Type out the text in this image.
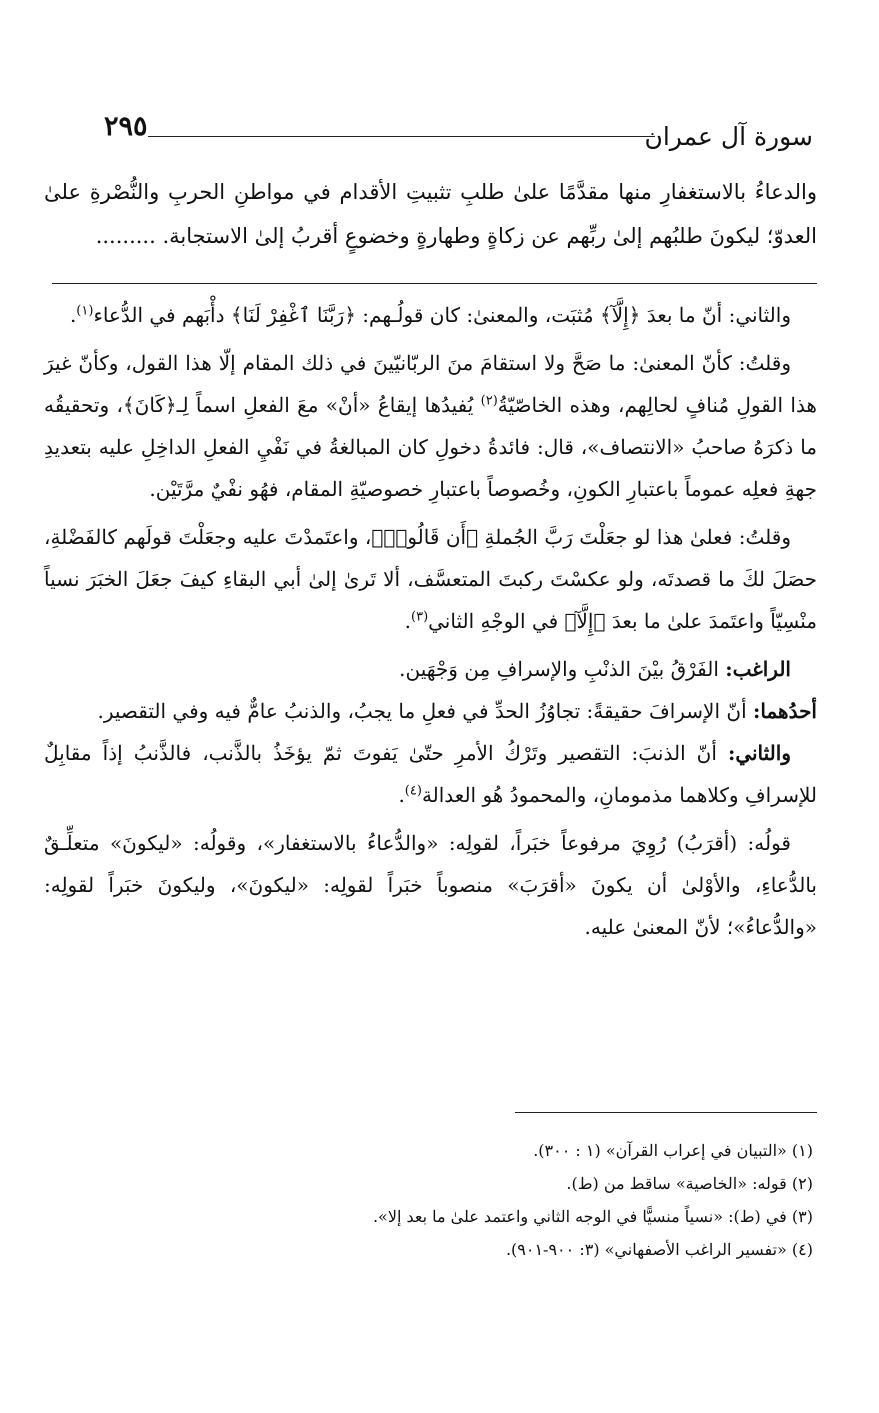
سورة آل عمران
٢٩٥

والدعاءُ بالاستغفارِ منها مقدَّمًا علىٰ طلبِ تثبيتِ الأقدام في مواطنِ الحربِ والنُّصْرةِ علىٰ العدوّ؛ ليكونَ طلبُهم إلىٰ ربِّهم عن زكاةٍ وطهارةٍ وخضوعٍ أقربُ إلىٰ الاستجابة. .........

والثاني: أنّ ما بعدَ ﴿إِلَّآ﴾ مُثبَت، والمعنىٰ: كان قولُـهم: ﴿رَبَّنَا ٱغْفِرْ لَنَا﴾ دأْبَهم في الدُّعاء$^{(١)}$.

وقلتُ: كأنّ المعنىٰ: ما صَحَّ ولا استقامَ منَ الربّانيّينَ في ذلك المقام إلّا هذا القول، وكأنّ غيرَ هذا القولِ مُنافٍ لحالِهم، وهذه الخاصّيّةُ$^{(٢)}$ يُفيدُها إيقاعُ «أنْ» معَ الفعلِ اسماً لِـ﴿كَانَ﴾، وتحقيقُه ما ذكرَهُ صاحبُ «الانتصاف»، قال: فائدةُ دخولِ كان المبالغةُ في نَفْيِ الفعلِ الداخِلِ عليه بتعديدِ جهةِ فعلِه عموماً باعتبارِ الكونِ، وخُصوصاً باعتبارِ خصوصيّةِ المقام، فهُو نفْيٌ مرَّتَيْن.

وقلتُ: فعلىٰ هذا لو جعَلْتَ رَبَّ الجُملةِ ﴿أَن قَالُوا۟﴾، واعتَمدْتَ عليه وجعَلْتَ قولَهم كالفَضْلةِ، حصَلَ لكَ ما قصدتَه، ولو عكسْتَ ركبتَ المتعسَّف، ألا تَرىٰ إلىٰ أبي البقاءِ كيفَ جعَلَ الخبَرَ نسياً منْسِيّاً واعتَمدَ علىٰ ما بعدَ ﴿إِلَّآ﴾ في الوجْهِ الثاني$^{(٣)}$.

الراغب: الفَرْقُ بيْنَ الذنْبِ والإسرافِ مِن وَجْهَين.

أحدُهما: أنّ الإسرافَ حقيقةً: تجاوُزُ الحدِّ في فعلِ ما يجبُ، والذنبُ عامٌّ فيه وفي التقصير.

والثاني: أنّ الذنبَ: التقصير وتَرْكُ الأمرِ حتّىٰ يَفوتَ ثمّ يؤخَذُ بالذَّنب، فالذَّنبُ إذاً مقابِلٌ للإسرافِ وكلاهما مذمومانِ، والمحمودُ هُو العدالة$^{(٤)}$.

قولُه: (أقرَبُ) رُوِيَ مرفوعاً خبَراً، لقولِه: «والدُّعاءُ بالاستغفار»، وقولُه: «ليكونَ» متعلِّـقٌ بالدُّعاءِ، والأوْلىٰ أن يكونَ «أقرَبَ» منصوباً خبَراً لقولِه: «ليكونَ»، وليكونَ خبَراً لقولِه: «والدُّعاءُ»؛ لأنّ المعنىٰ عليه.

(١) «التبيان في إعراب القرآن» (١ : ٣٠٠).
(٢) قوله: «الخاصية» ساقط من (ط).
(٣) في (ط): «نسياً منسيًّا في الوجه الثاني واعتمد علىٰ ما بعد إلا».
(٤) «تفسير الراغب الأصفهاني» (٣: ٩٠٠-٩٠١).
